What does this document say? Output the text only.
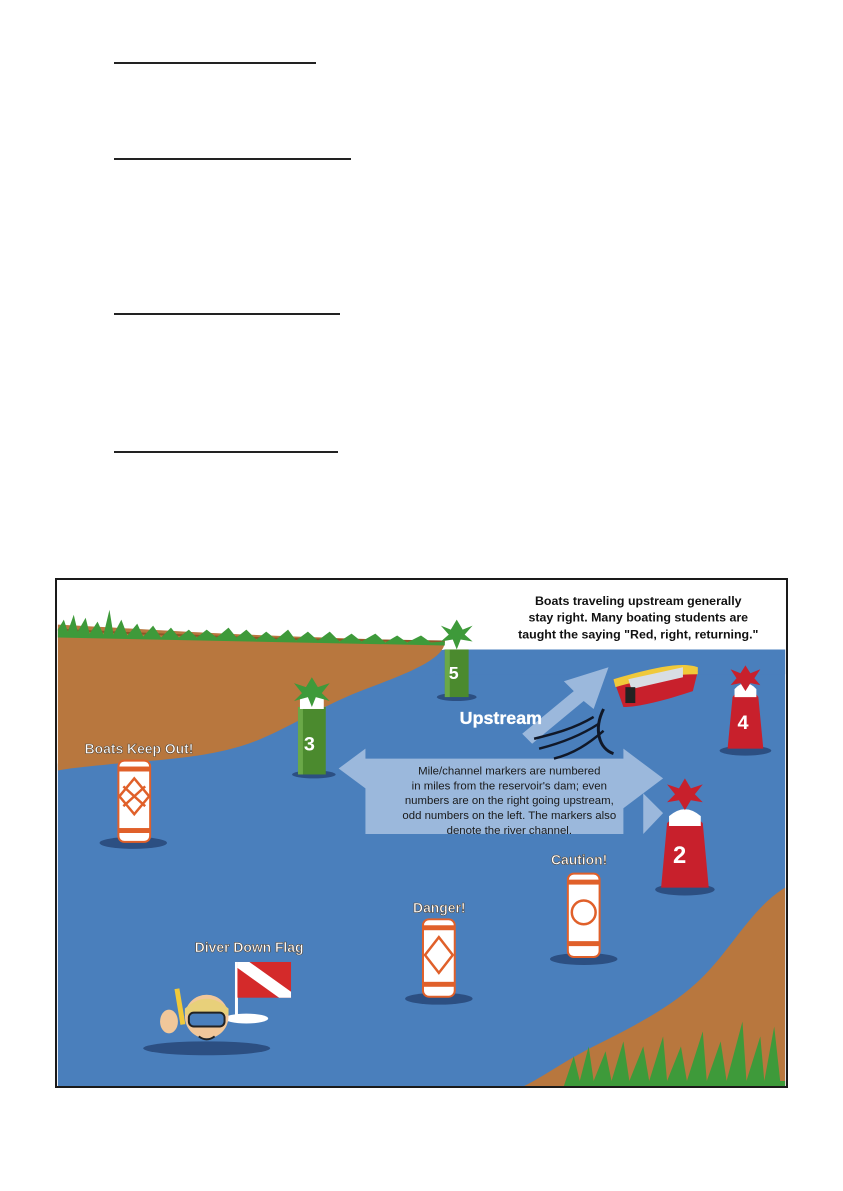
Upstream
Mile/channel markers are numbered
in miles from the reservoir's dam; even
numbers are on the right going upstream,
odd numbers on the left. The markers also
denote the river channel.
Boats traveling upstream generally
stay right. Many boating students are
taught the saying "Red, right, returning."
5
3
4
2
Boats Keep Out!
Caution!
Danger!
Diver Down Flag
